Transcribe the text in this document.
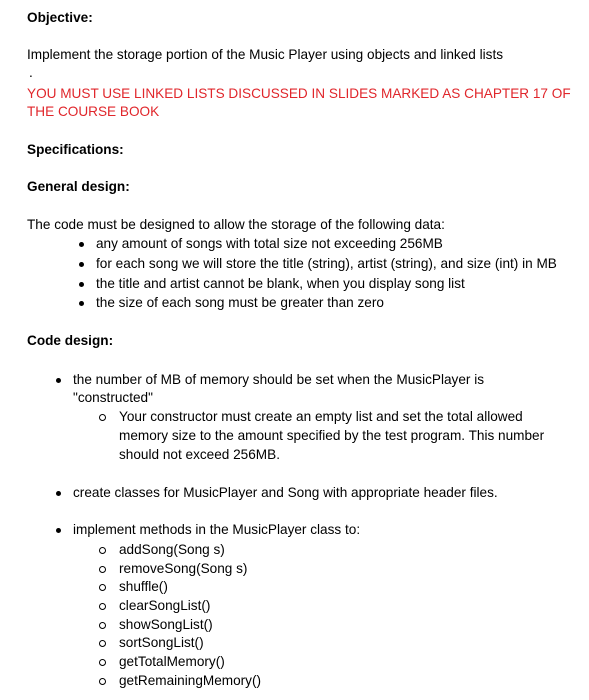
Objective:
Implement the storage portion of the Music Player using objects and linked lists
.
YOU MUST USE LINKED LISTS DISCUSSED IN SLIDES MARKED AS CHAPTER 17 OF
THE COURSE BOOK
Specifications:
General design:
The code must be designed to allow the storage of the following data:
any amount of songs with total size not exceeding 256MB
for each song we will store the title (string), artist (string), and size (int) in MB
the title and artist cannot be blank, when you display song list
the size of each song must be greater than zero
Code design:
the number of MB of memory should be set when the MusicPlayer is
"constructed"
Your constructor must create an empty list and set the total allowed
memory size to the amount specified by the test program. This number
should not exceed 256MB.
create classes for MusicPlayer and Song with appropriate header files.
implement methods in the MusicPlayer class to:
addSong(Song s)
removeSong(Song s)
shuffle()
clearSongList()
showSongList()
sortSongList()
getTotalMemory()
getRemainingMemory()
